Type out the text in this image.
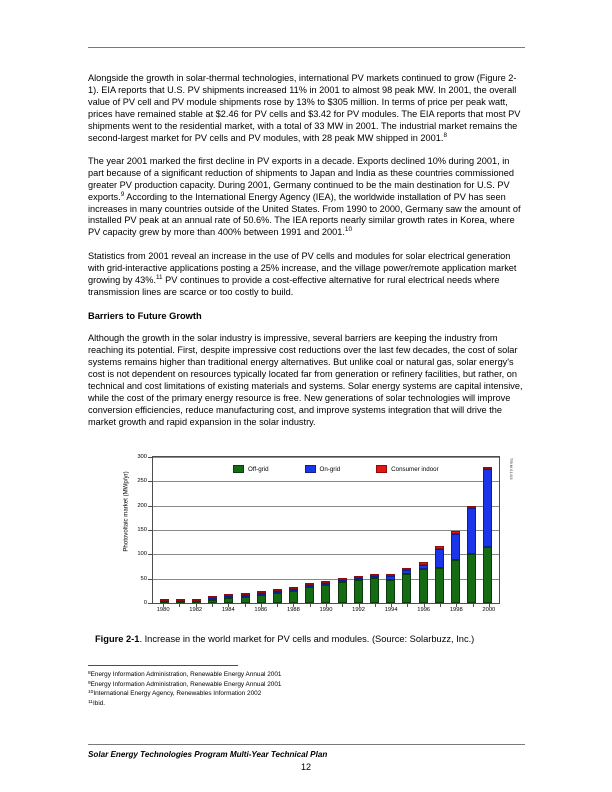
Alongside the growth in solar-thermal technologies, international PV markets continued to grow (Figure 2-1). EIA reports that U.S. PV shipments increased 11% in 2001 to almost 98 peak MW. In 2001, the overall value of PV cell and PV module shipments rose by 13% to $305 million. In terms of price per peak watt, prices have remained stable at $2.46 for PV cells and $3.42 for PV modules. The EIA reports that most PV shipments went to the residential market, with a total of 33 MW in 2001. The industrial market remains the second-largest market for PV cells and PV modules, with 28 peak MW shipped in 2001.$^8$

The year 2001 marked the first decline in PV exports in a decade. Exports declined 10% during 2001, in part because of a significant reduction of shipments to Japan and India as these countries commissioned greater PV production capacity. During 2001, Germany continued to be the main destination for U.S. PV exports.$^9$ According to the International Energy Agency (IEA), the worldwide installation of PV has seen increases in many countries outside of the United States. From 1990 to 2000, Germany saw the amount of installed PV peak at an annual rate of 50.6%. The IEA reports nearly similar growth rates in Korea, where PV capacity grew by more than 400% between 1991 and 2001.10

Statistics from 2001 reveal an increase in the use of PV cells and modules for solar electrical generation with grid-interactive applications posting a 25% increase, and the village power/remote application market growing by 43%.$^{11}$ PV continues to provide a cost-effective alternative for rural electrical needs where transmission lines are scarce or too costly to build.

Barriers to Future Growth

Although the growth in the solar industry is impressive, several barriers are keeping the industry from reaching its potential. First, despite impressive cost reductions over the last few decades, the cost of solar systems remains higher than traditional energy alternatives. But unlike coal or natural gas, solar energy's cost is not dependent on resources typically located far from generation or refinery facilities, but rather, on technical and cost limitations of existing materials and systems. Solar energy systems are capital intensive, while the cost of the primary energy resource is free. New generations of solar technologies will improve conversion efficiencies, reduce manufacturing cost, and improve systems integration that will drive the market growth and rapid expansion in the solar industry.

Photovoltaic market (MWp/yr)
Off-grid	On-grid	Consumer indoor
0
50
100
150
200
250
300
1980	1982	1984	1986	1988	1990	1992	1994	1996	1998	2000
TRIM 01/08
Figure 2-1. Increase in the world market for PV cells and modules. (Source: Solarbuzz, Inc.)

$^8$Energy Information Administration, Renewable Energy Annual 2001

$^9$Energy Information Administration, Renewable Energy Annual 2001

$^{10}$International Energy Agency, Renewables Information 2002

$^{11}$Ibid.

Solar Energy Technologies Program Multi-Year Technical Plan
12
